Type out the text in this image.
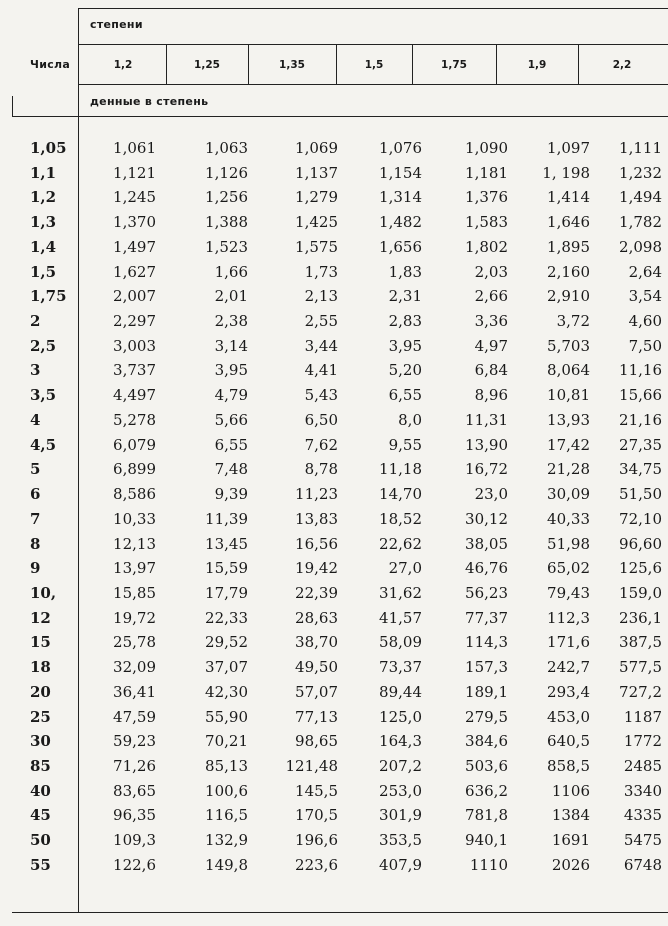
степени
Числа
денные в степень
1,2	1,25	1,35	1,5	1,75	1,9	2,2
1,05	1,061	1,063	1,069	1,076	1,090	1,097	1,111
1,1	1,121	1,126	1,137	1,154	1,181	1, 198	1,232
1,2	1,245	1,256	1,279	1,314	1,376	1,414	1,494
1,3	1,370	1,388	1,425	1,482	1,583	1,646	1,782
1,4	1,497	1,523	1,575	1,656	1,802	1,895	2,098
1,5	1,627	1,66	1,73	1,83	2,03	2,160	2,64
1,75	2,007	2,01	2,13	2,31	2,66	2,910	3,54
2	2,297	2,38	2,55	2,83	3,36	3,72	4,60
2,5	3,003	3,14	3,44	3,95	4,97	5,703	7,50
3	3,737	3,95	4,41	5,20	6,84	8,064	11,16
3,5	4,497	4,79	5,43	6,55	8,96	10,81	15,66
4	5,278	5,66	6,50	8,0	11,31	13,93	21,16
4,5	6,079	6,55	7,62	9,55	13,90	17,42	27,35
5	6,899	7,48	8,78	11,18	16,72	21,28	34,75
6	8,586	9,39	11,23	14,70	23,0	30,09	51,50
7	10,33	11,39	13,83	18,52	30,12	40,33	72,10
8	12,13	13,45	16,56	22,62	38,05	51,98	96,60
9	13,97	15,59	19,42	27,0	46,76	65,02	125,6
10,	15,85	17,79	22,39	31,62	56,23	79,43	159,0
12	19,72	22,33	28,63	41,57	77,37	112,3	236,1
15	25,78	29,52	38,70	58,09	114,3	171,6	387,5
18	32,09	37,07	49,50	73,37	157,3	242,7	577,5
20	36,41	42,30	57,07	89,44	189,1	293,4	727,2
25	47,59	55,90	77,13	125,0	279,5	453,0	1187
30	59,23	70,21	98,65	164,3	384,6	640,5	1772
85	71,26	85,13	121,48	207,2	503,6	858,5	2485
40	83,65	100,6	145,5	253,0	636,2	1106	3340
45	96,35	116,5	170,5	301,9	781,8	1384	4335
50	109,3	132,9	196,6	353,5	940,1	1691	5475
55	122,6	149,8	223,6	407,9	1110	2026	6748
